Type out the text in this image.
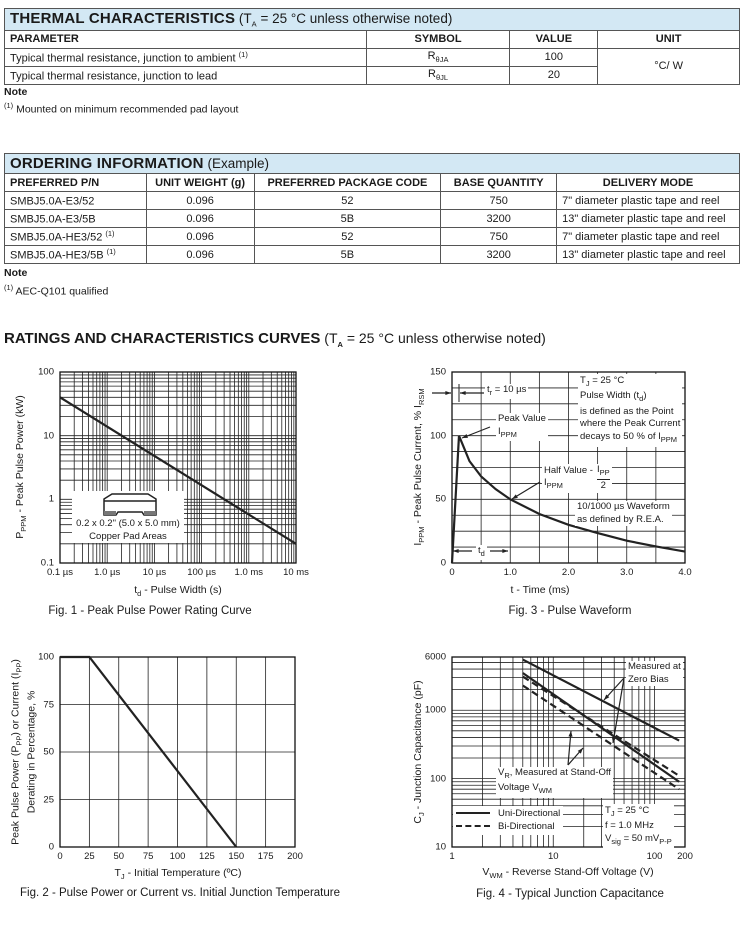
THERMAL CHARACTERISTICS ($T_A = 25$ °C unless otherwise noted)			
PARAMETER	SYMBOL	VALUE	UNIT
Typical thermal resistance, junction to ambient $^{(1)}$	$R_{\theta JA}$	100	°C/ W
Typical thermal resistance, junction to lead	$R_{\theta JL}$	20	
Note
$^{(1)}$ Mounted on minimum recommended pad layout
ORDERING INFORMATION (Example)				
PREFERRED P/N	UNIT WEIGHT (g)	PREFERRED PACKAGE CODE	BASE QUANTITY	DELIVERY MODE
SMBJ5.0A-E3/52	0.096	52	750	7" diameter plastic tape and reel
SMBJ5.0A-E3/5B	0.096	5B	3200	13" diameter plastic tape and reel
SMBJ5.0A-HE3/52 $^{(1)}$	0.096	52	750	7" diameter plastic tape and reel
SMBJ5.0A-HE3/5B $^{(1)}$	0.096	5B	3200	13" diameter plastic tape and reel
Note
$^{(1)}$ AEC-Q101 qualified
RATINGS AND CHARACTERISTICS CURVES ($T_A = 25$ °C unless otherwise noted)
0.1 µs 1.0 µs 10 µs 100 µs 1.0 ms 10 ms
0.1
1
10
100
0	1.0	2.0	3.0	4.0
0
50
100
150
0 25 50 75 100 125 150 175 200
0
25
50
75
100
1	10	100 200
10
100
1000
6000
$P_{PPM}$ - Peak Pulse Power (kW)
$t_d$ - Pulse Width (s)
Fig. 1 - Peak Pulse Power Rating Curve
0.2 x 0.2" (5.0 x 5.0 mm)
Copper Pad Areas
$I_{PPM}$ - Peak Pulse Current, % $I_{RSM}$
t - Time (ms)
Fig. 3 - Pulse Waveform
$t_r = 10$ µs
$T_J = 25$ °C
Pulse Width $(t_d)$
is defined as the Point
where the Peak Current
decays to 50 % of $I_{PPM}$
Peak Value
$I_{PPM}$
Half Value -
$I_{PPM}$
$I_{PP}$
2
10/1000 µs Waveform
as defined by R.E.A.
$t_d$
Peak Pulse Power $(P_{PP})$ or Current $(I_{PP})$
Derating in Percentage, %
$T_J$ - Initial Temperature (ºC)
Fig. 2 - Pulse Power or Current vs. Initial Junction Temperature
$C_J$ - Junction Capacitance (pF)
$V_{WM}$ - Reverse Stand-Off Voltage (V)
Fig. 4 - Typical Junction Capacitance
Measured at
Zero Bias
$V_R$, Measured at Stand-Off
Voltage $V_{WM}$
Uni-Directional
Bi-Directional
$T_J = 25$ °C
f = 1.0 MHz
$V_{sig} = 50$ $mV_{P-P}$
